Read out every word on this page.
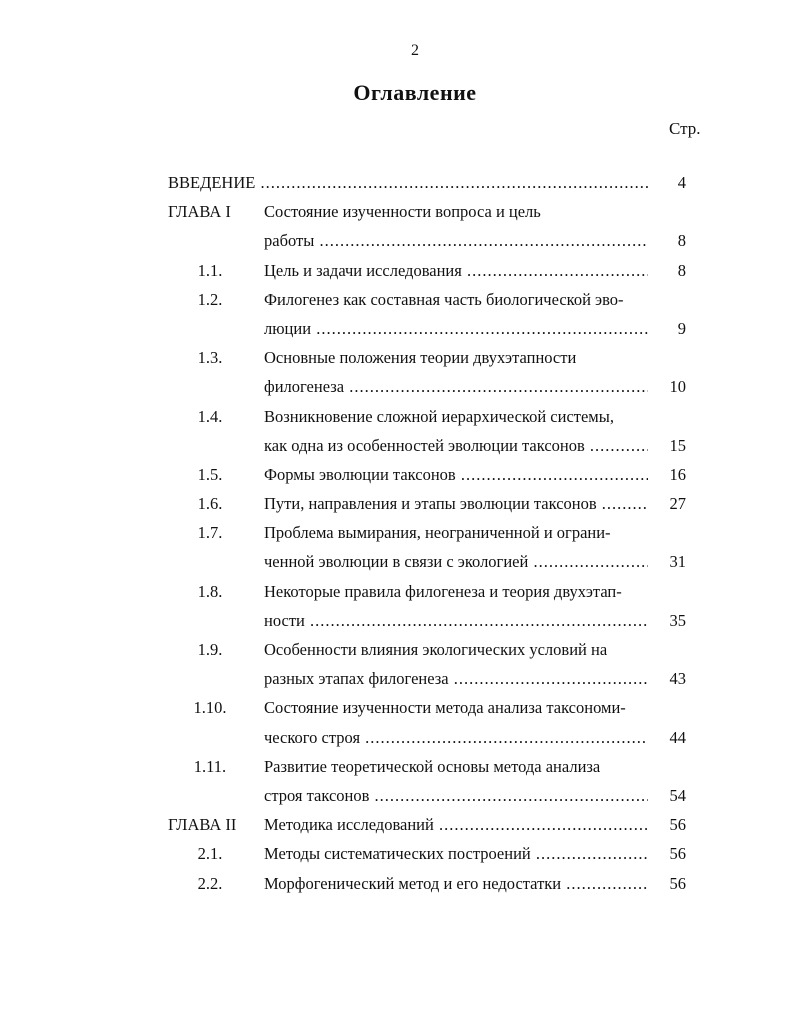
2
Оглавление
Стр.
ВВЕДЕНИЕ .....	4
ГЛАВА I Состояние изученности вопроса и цель
работы .....	8
1.1.	Цель и задачи исследования .....	8
1.2.	Филогенез как составная часть биологической эво-
люции .....	9
1.3.	Основные положения теории двухэтапности
филогенеза .....	10
1.4.	Возникновение сложной иерархической системы,
как одна из особенностей эволюции таксонов .....	15
1.5.	Формы эволюции таксонов .....	16
1.6.	Пути, направления и этапы эволюции таксонов .....	27
1.7.	Проблема вымирания, неограниченной и ограни-
ченной эволюции в связи с экологией .....	31
1.8.	Некоторые правила филогенеза и теория двухэтап-
ности .....	35
1.9.	Особенности влияния экологических условий на
разных этапах филогенеза .....	43
1.10.	Состояние изученности метода анализа таксономи-
ческого строя .....	44
1.11.	Развитие теоретической основы метода анализа
строя таксонов .....	54
ГЛАВА II Методика исследований .....	56
2.1.	Методы систематических построений .....	56
2.2.	Морфогенический метод и его недостатки .....	56
